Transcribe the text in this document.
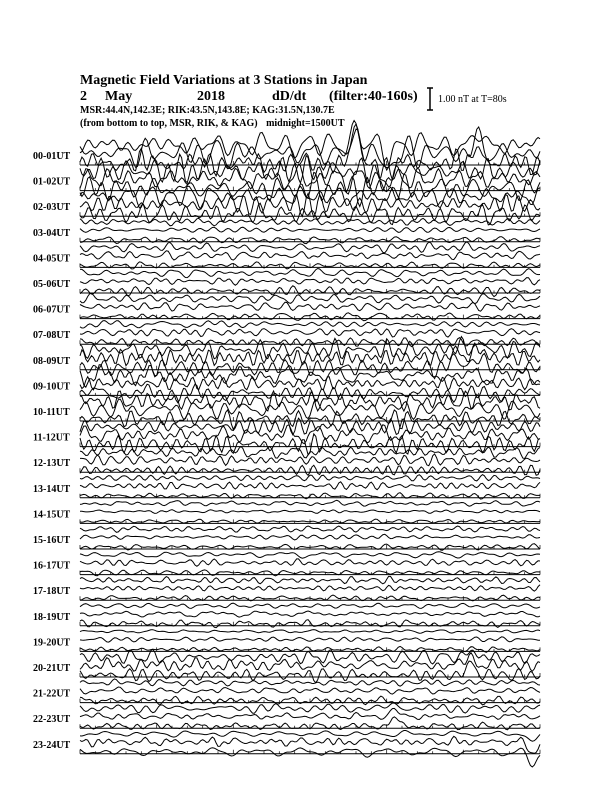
Magnetic Field Variations at 3 Stations in Japan
2 May	2018	dD/dt (filter:40-160s)
MSR:44.4N,142.3E; RIK:43.5N,143.8E; KAG:31.5N,130.7E
(from bottom to top, MSR, RIK, & KAG) midnight=1500UT
1.00 nT at T=80s
00-01UT
01-02UT
02-03UT
03-04UT
04-05UT
05-06UT
06-07UT
07-08UT
08-09UT
09-10UT
10-11UT
11-12UT
12-13UT
13-14UT
14-15UT
15-16UT
16-17UT
17-18UT
18-19UT
19-20UT
20-21UT
21-22UT
22-23UT
23-24UT
